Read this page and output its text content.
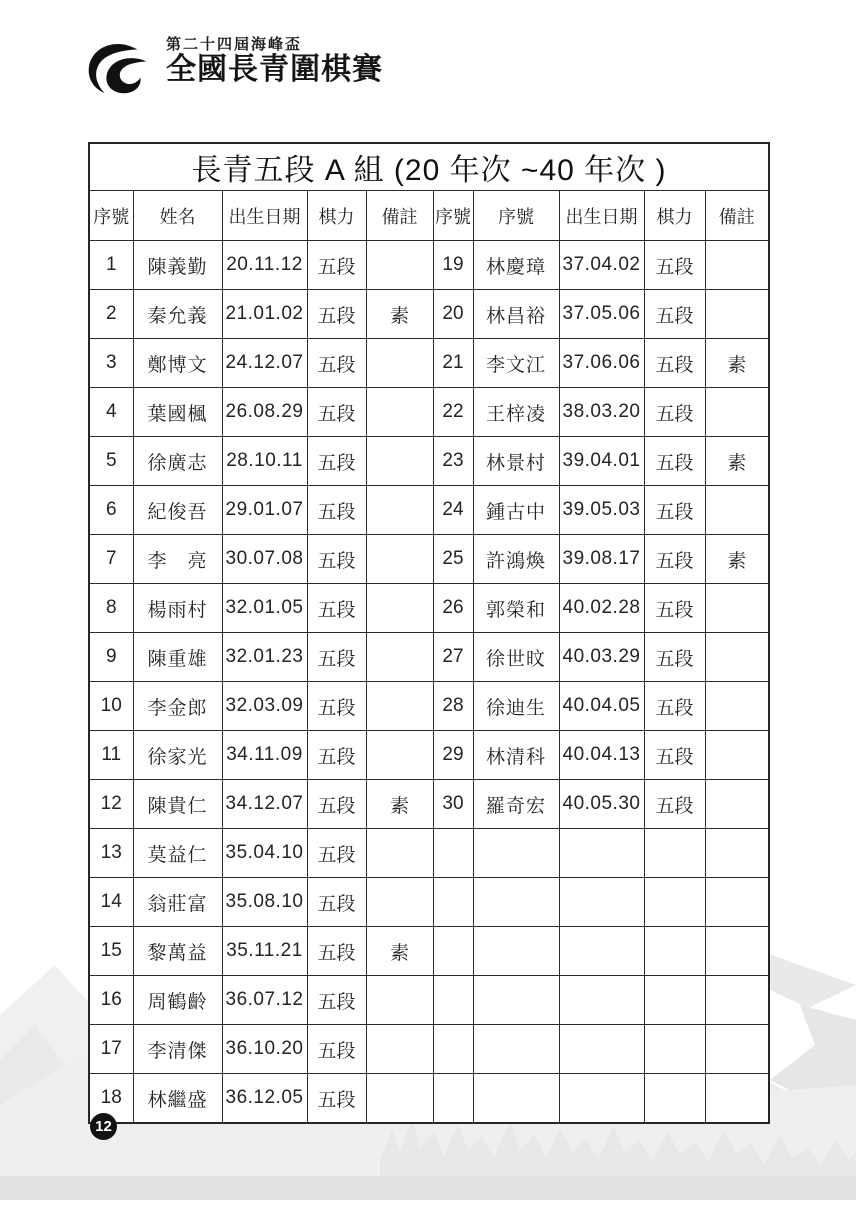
第二十四屆海峰盃
全國長青圍棋賽
長青五段 A 組 (20 年次 ~40 年次 )									
序號	姓名	出生日期	棋力	備註	序號	序號	出生日期	棋力	備註
1	陳義勤	20.11.12	五段		19	林慶璋	37.04.02	五段	
2	秦允義	21.01.02	五段	素	20	林昌裕	37.05.06	五段	
3	鄭博文	24.12.07	五段		21	李文江	37.06.06	五段	素
4	葉國楓	26.08.29	五段		22	王梓凌	38.03.20	五段	
5	徐廣志	28.10.11	五段		23	林景村	39.04.01	五段	素
6	紀俊吾	29.01.07	五段		24	鍾古中	39.05.03	五段	
7	李　亮	30.07.08	五段		25	許鴻煥	39.08.17	五段	素
8	楊雨村	32.01.05	五段		26	郭榮和	40.02.28	五段	
9	陳重雄	32.01.23	五段		27	徐世旼	40.03.29	五段	
10	李金郎	32.03.09	五段		28	徐迪生	40.04.05	五段	
11	徐家光	34.11.09	五段		29	林清科	40.04.13	五段	
12	陳貴仁	34.12.07	五段	素	30	羅奇宏	40.05.30	五段	
13	莫益仁	35.04.10	五段						
14	翁莊富	35.08.10	五段						
15	黎萬益	35.11.21	五段	素					
16	周鶴齡	36.07.12	五段						
17	李清傑	36.10.20	五段						
18	林繼盛	36.12.05	五段						
12
